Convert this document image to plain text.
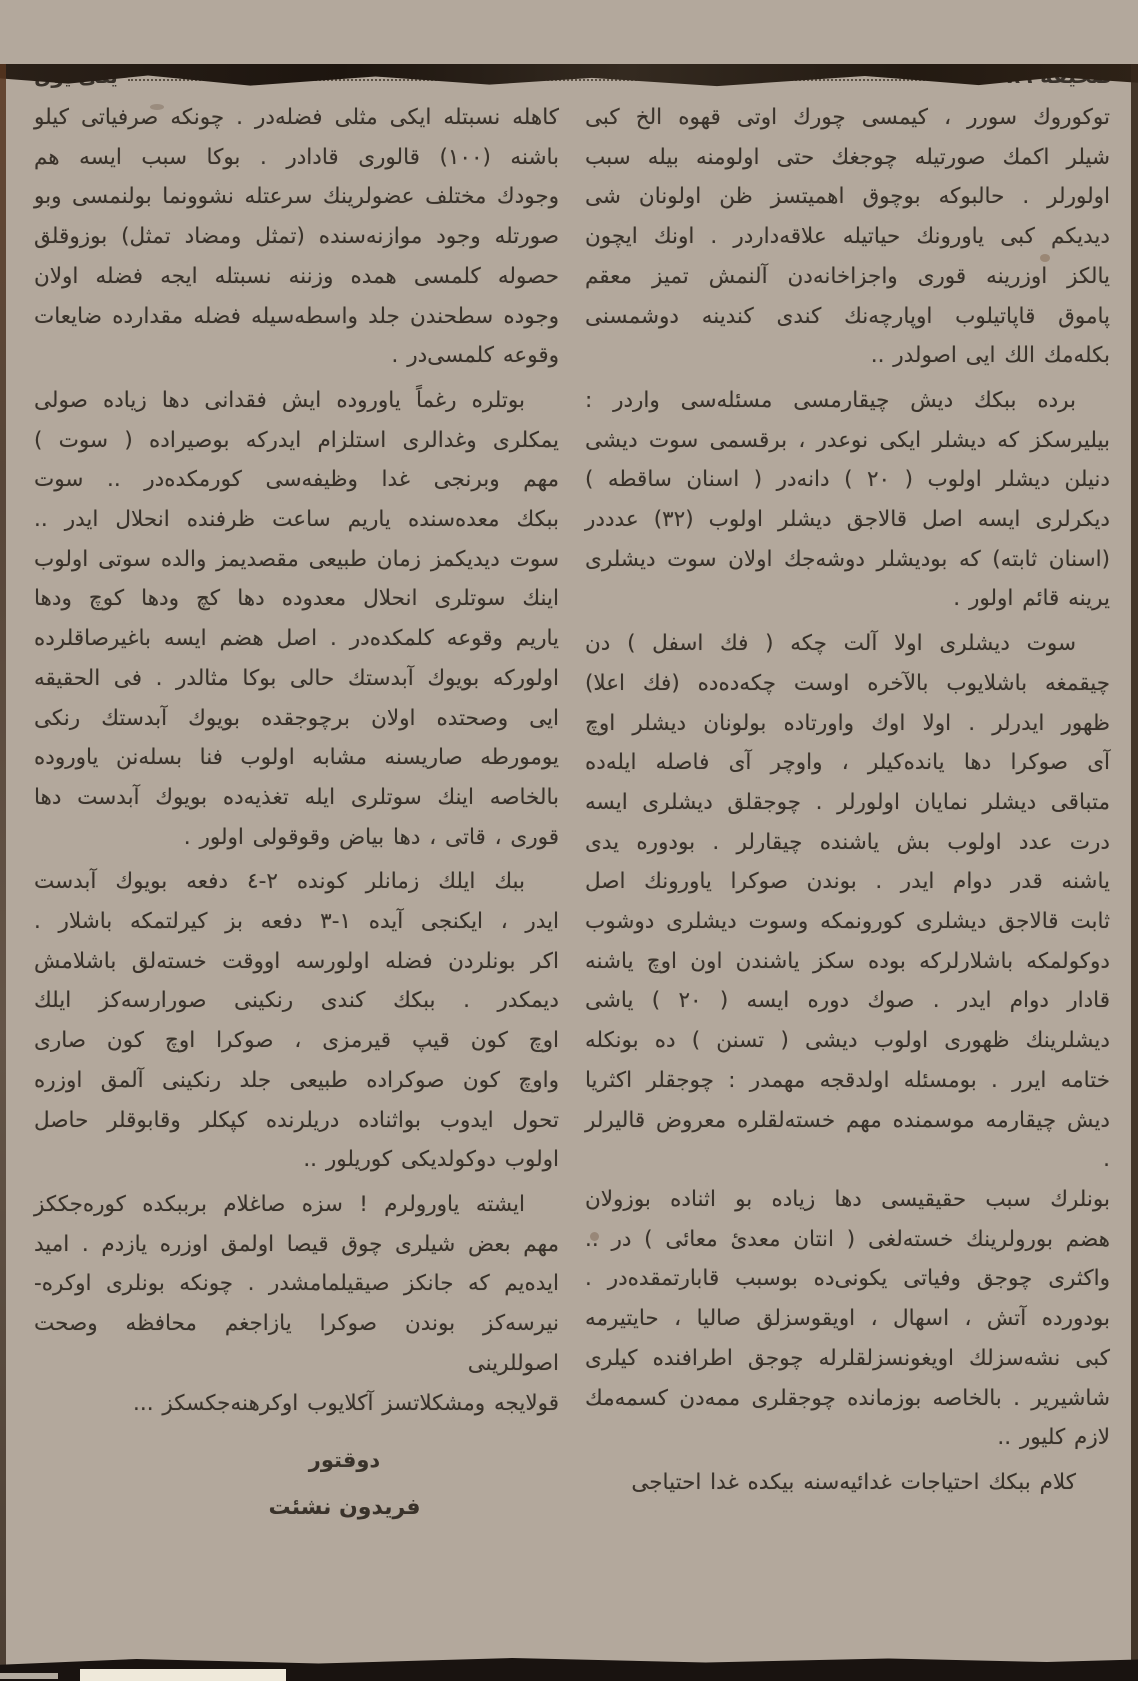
توكوروك سورر ، كيمسى چورك اوتى قهوه الخ كبى
شيلر اكمك صورتيله چوجغك حتى اولومنه بيله سبب
اولورلر . حالبوكه بوچوق اهميتسز ظن اولونان شى
ديديكم كبى ياورونك حياتيله علاقه‌داردر . اونك ايچون
يالكز اوزرينه قورى واجزاخانه‌دن آلنمش تميز معقم
پاموق قاپاتيلوب اوپارچه‌نك كندى كندينه دوشمسنى
بكله‌مك الك ايى اصولدر ..
برده ببكك ديش چيقارمسى مسئله‌سى واردر :
بيليرسكز كه ديشلر ايكى نوعدر ، برقسمى سوت ديشى
دنيلن ديشلر اولوب ( ٢٠ ) دانه‌در ( اسنان ساقطه )
ديكرلرى ايسه اصل قالاجق ديشلر اولوب (٣٢) عدددر
(اسنان ثابته) كه بوديشلر دوشه‌جك اولان سوت ديشلرى
يرينه قائم اولور .
سوت ديشلرى اولا آلت چكه ( فك اسفل ) دن
چيقمغه باشلايوب بالآخره اوست چكه‌ده‌ده (فك اعلا)
ظهور ايدرلر . اولا اوك واورتاده بولونان ديشلر اوچ
آى صوكرا دها يانده‌كيلر ، واوچر آى فاصله ايله‌ده
متباقى ديشلر نمايان اولورلر . چوجقلق ديشلرى ايسه
درت عدد اولوب بش ياشنده چيقارلر . بودوره يدى
ياشنه قدر دوام ايدر . بوندن صوكرا ياورونك اصل
ثابت قالاجق ديشلرى كورونمكه وسوت ديشلرى دوشوب
دوكولمكه باشلارلركه بوده سكز ياشندن اون اوچ ياشنه
قادار دوام ايدر . صوك دوره ايسه ( ٢٠ ) ياشى
ديشلرينك ظهورى اولوب ديشى ( تسنن ) ده بونكله
ختامه ايرر . بومسئله اولدقجه مهمدر : چوجقلر اكثريا
ديش چيقارمه موسمنده مهم خسته‌لقلره معروض قاليرلر .
بونلرك سبب حقيقيسى دها زياده بو اثناده بوزولان
هضم بورولرينك خسته‌لغى ( انتان معدئ معائى ) در ..
واكثرى چوجق وفياتى يكونى‌ده بوسبب قابارتمقده‌در .
بودورده آتش ، اسهال ، اويقوسزلق صاليا ، حايتيرمه
كبى نشه‌سزلك اويغونسزلقلرله چوجق اطرافنده كيلرى
شاشيرير . بالخاصه بوزمانده چوجقلرى ممه‌دن كسمه‌مك
لازم كليور ..
كلام ببكك احتياجات غدائيه‌سنه بيكده غدا احتياجى
كاهله نسبتله ايكى مثلى فضله‌در . چونكه صرفياتى كيلو
باشنه (١٠٠) قالورى قادادر . بوكا سبب ايسه هم
وجودك مختلف عضولرينك سرعتله نشوونما بولنمسى وبو
صورتله وجود موازنه‌سنده (تمثل ومضاد تمثل) بوزوقلق
حصوله كلمسى همده وزننه نسبتله ايجه فضله اولان
وجوده سطحندن جلد واسطه‌سيله فضله مقدارده ضايعات
وقوعه كلمسى‌در .
بوتلره رغماً ياوروده ايش فقدانى دها زياده صولى
يمكلرى وغدالرى استلزام ايدركه بوصيراده ( سوت )
مهم وبرنجى غدا وظيفه‌سى كورمكده‌در .. سوت
ببكك معده‌سنده ياريم ساعت ظرفنده انحلال ايدر ..
سوت ديديكمز زمان طبيعى مقصديمز والده سوتى اولوب
اينك سوتلرى انحلال معدوده دها كچ ودها كوچ ودها
ياريم وقوعه كلمكده‌در . اصل هضم ايسه باغيرصاقلرده
اولوركه بويوك آبدستك حالى بوكا مثالدر . فى الحقيقه
ايى وصحتده اولان برچوجقده بويوك آبدستك رنكى
يومورطه صاريسنه مشابه اولوب فنا بسله‌نن ياوروده
بالخاصه اينك سوتلرى ايله تغذيه‌ده بويوك آبدست دها
قورى ، قاتى ، دها بياض وقوقولى اولور .
ببك ايلك زمانلر كونده ٢-٤ دفعه بويوك آبدست
ايدر ، ايكنجى آيده ١-٣ دفعه بز كيرلتمكه باشلار .
اكر بونلردن فضله اولورسه اووقت خسته‌لق باشلامش
ديمكدر . ببكك كندى رنكينى صورارسه‌كز ايلك
اوچ كون قيپ قيرمزى ، صوكرا اوچ كون صارى
واوچ كون صوكراده طبيعى جلد رنكينى آلمق اوزره
تحول ايدوب بواثناده دريلرنده كپكلر وقابوقلر حاصل
اولوب دوكولديكى كوريلور ..
ايشته ياورولرم ! سزه صاغلام برببكده كوره‌جككز
مهم بعض شيلرى چوق قيصا اولمق اوزره يازدم . اميد
ايده‌يم كه جانكز صيقيلمامشدر . چونكه بونلرى اوكره-
نيرسه‌كز بوندن صوكرا يازاجغم محافظه وصحت اصوللرينى
قولايجه ومشكلاتسز آكلايوب اوكرهنه‌جكسكز ...
دوقتور
فريدون نشئت
